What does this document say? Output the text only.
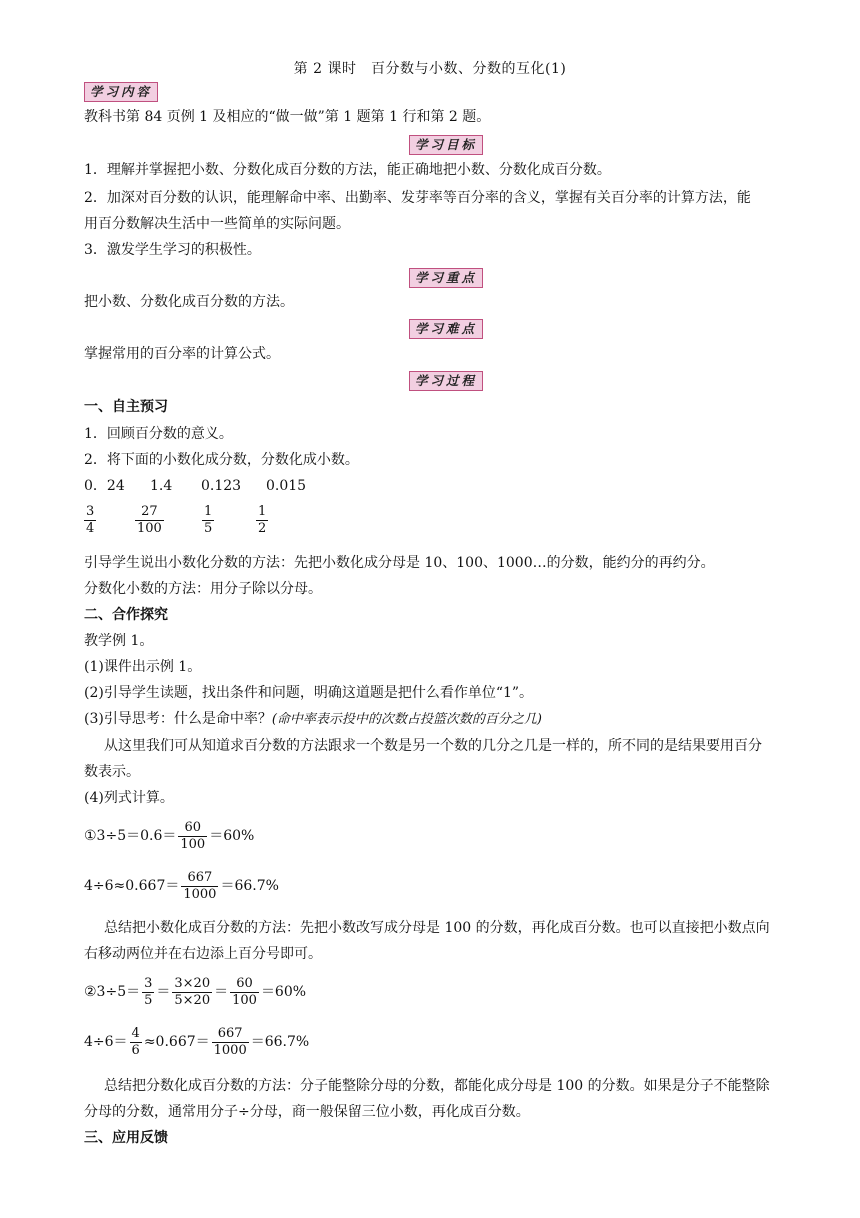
第 2 课时　百分数与小数、分数的互化(1)
学习内容
教科书第 84 页例 1 及相应的“做一做”第 1 题第 1 行和第 2 题。
学习目标
1．理解并掌握把小数、分数化成百分数的方法，能正确地把小数、分数化成百分数。
2．加深对百分数的认识，能理解命中率、出勤率、发芽率等百分率的含义，掌握有关百分率的计算方法，能
用百分数解决生活中一些简单的实际问题。
3．激发学生学习的积极性。
学习重点
把小数、分数化成百分数的方法。
学习难点
掌握常用的百分率的计算公式。
学习过程
一、自主预习
1．回顾百分数的意义。
2．将下面的小数化成分数，分数化成小数。
0．24 1.4 0.123 0.015
$\frac{3}{4}$	$\frac{27}{100}$	$\frac{1}{5}$	$\frac{1}{2}$
引导学生说出小数化分数的方法：先把小数化成分母是 10、100、1000…的分数，能约分的再约分。
分数化小数的方法：用分子除以分母。
二、合作探究
教学例 1。
(1)课件出示例 1。
(2)引导学生读题，找出条件和问题，明确这道题是把什么看作单位“1”。
(3)引导思考：什么是命中率？(命中率表示投中的次数占投篮次数的百分之几)
从这里我们可从知道求百分数的方法跟求一个数是另一个数的几分之几是一样的，所不同的是结果要用百分
数表示。
(4)列式计算。
①3÷5＝0.6＝ $\frac{60}{100} =60\%$
$4\div 6\approx 0.667= \frac{667}{1000} =66.7\%$
总结把小数化成百分数的方法：先把小数改写成分母是 100 的分数，再化成百分数。也可以直接把小数点向
右移动两位并在右边添上百分号即可。
②3÷5＝ $\frac{3}{5} = \frac{3\times 20}{5\times 20} = \frac{60}{100} =60\%$
$4\div 6= \frac{4}{6} \approx 0.667= \frac{667}{1000} =66.7\%$
总结把分数化成百分数的方法：分子能整除分母的分数，都能化成分母是 100 的分数。如果是分子不能整除
分母的分数，通常用分子÷分母，商一般保留三位小数，再化成百分数。
三、应用反馈
